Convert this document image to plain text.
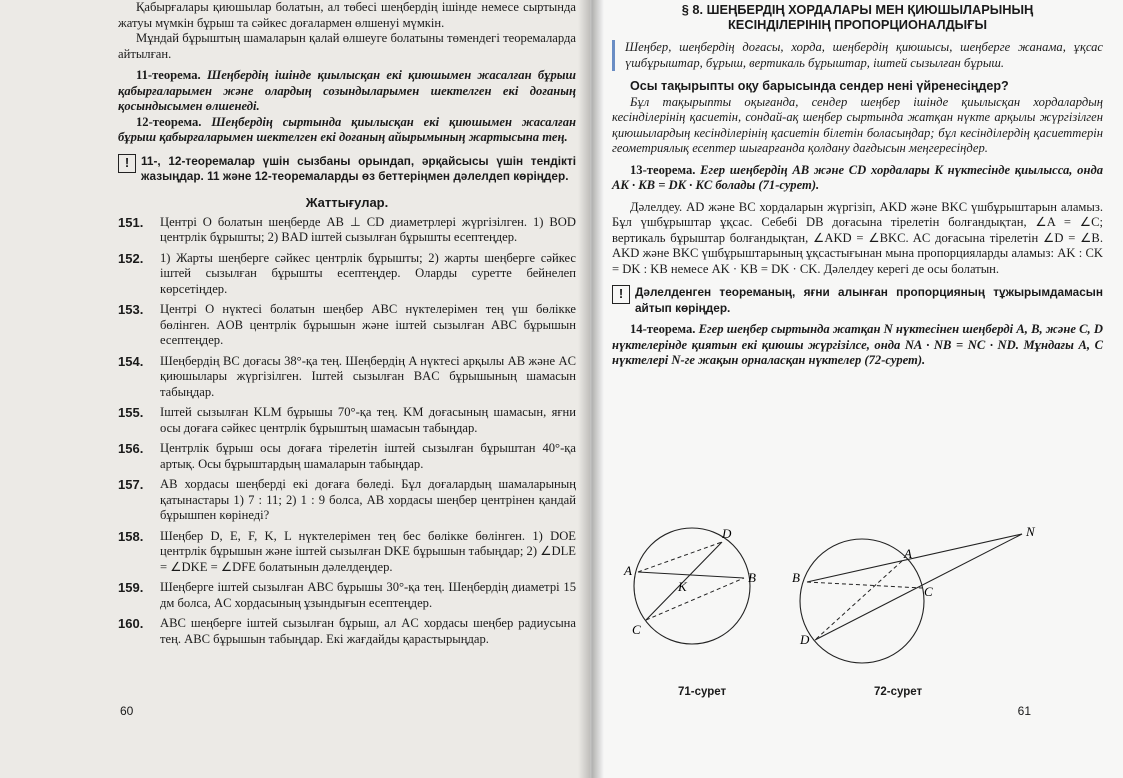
Қабырғалары қиюшылар болатын, ал төбесі шеңбердің ішінде немесе сыртында жатуы мүмкін бұрыш та сәйкес доғалармен өлшенуі мүмкін.

Мұндай бұрыштың шамаларын қалай өлшеуге болатыны төмендегі теоремаларда айтылған.

11-теорема. Шеңбердің ішінде қиылысқан екі қиюшымен жасалған бұрыш қабырғаларымен және олардың созындыларымен шектелген екі доғаның қосындысымен өлшенеді.

12-теорема. Шеңбердің сыртында қиылысқан екі қиюшымен жасалған бұрыш қабырғаларымен шектелген екі доғаның айырымының жартысына тең.

!	11-, 12-теоремалар үшін сызбаны орындап, әрқайсысы үшін тендікті жазыңдар. 11 және 12-теоремаларды өз беттеріңмен дәлелдеп көріңдер.

Жаттығулар.
151.	Центрі O болатын шеңберде AB ⊥ CD диаметрлері жүргізілген. 1) BOD центрлік бұрышты; 2) BAD іштей сызылған бұрышты есептеңдер.

152.	1) Жарты шеңберге сәйкес центрлік бұрышты; 2) жарты шеңберге сәйкес іштей сызылған бұрышты есептеңдер. Оларды суретте бейнелеп көрсетіңдер.

153.	Центрі O нүктесі болатын шеңбер ABC нүктелерімен тең үш бөлікке бөлінген. AOB центрлік бұрышын және іштей сызылған ABC бұрышын есептеңдер.

154.	Шеңбердің BC доғасы 38°-қа тең. Шеңбердің A нүктесі арқылы AB және AC қиюшылары жүргізілген. Іштей сызылған BAC бұрышының шамасын табыңдар.

155.	Іштей сызылған KLM бұрышы 70°-қа тең. KM доғасының шамасын, яғни осы доғаға сәйкес центрлік бұрыштың шамасын табыңдар.

156.	Центрлік бұрыш осы доғаға тірелетін іштей сызылған бұрыштан 40°-қа артық. Осы бұрыштардың шамаларын табыңдар.

157.	AB хордасы шеңберді екі доғаға бөледі. Бұл доғалардың шамаларының қатынастары 1) 7 : 11; 2) 1 : 9 болса, AB хордасы шеңбер центрінен қандай бұрышпен көрінеді?

158.	Шеңбер D, E, F, K, L нүктелерімен тең бес бөлікке бөлінген. 1) DOE центрлік бұрышын және іштей сызылған DKE бұрышын табыңдар; 2) ∠DLE = ∠DKE = ∠DFE болатынын дәлелдеңдер.

159.	Шеңберге іштей сызылған ABC бұрышы 30°-қа тең. Шеңбердің диаметрі 15 дм болса, AC хордасының ұзындығын есептеңдер.

160.	ABC шеңберге іштей сызылған бұрыш, ал AC хордасы шеңбер радиусына тең. ABC бұрышын табыңдар. Екі жағдайды қарастырыңдар.

60
§ 8. ШЕҢБЕРДІҢ ХОРДАЛАРЫ МЕН ҚИЮШЫЛАРЫНЫҢ
КЕСІНДІЛЕРІНІҢ ПРОПОРЦИОНАЛДЫҒЫ

Шеңбер, шеңбердің доғасы, хорда, шеңбердің қиюшысы, шеңберге жанама, ұқсас үшбұрыштар, бұрыш, вертикаль бұрыштар, іштей сызылған бұрыш.

Осы тақырыпты оқу барысында сендер нені үйренесіңдер?

Бұл тақырыпты оқығанда, сендер шеңбер ішінде қиылысқан хордалардың кесінділерінің қасиетін, сондай-ақ шеңбер сыртында жатқан нүкте арқылы жүргізілген қиюшылардың кесінділерінің қасиетін білетін боласыңдар; бұл кесінділердің қасиеттерін геометриялық есептер шығарғанда қолдану дағдысын меңгересіңдер.

13-теорема. Егер шеңбердің AB және CD хордалары K нүктесінде қиылысса, онда AK · KB = DK · KC болады (71-сурет).

Дәлелдеу. AD және BC хордаларын жүргізіп, AKD және BKC үшбұрыштарын аламыз. Бұл үшбұрыштар ұқсас. Себебі DB доғасына тірелетін болғандықтан, ∠A = ∠C; вертикаль бұрыштар болғандықтан, ∠AKD = ∠BKC. AC доғасына тірелетін ∠D = ∠B. AKD және BKC үшбұрыштарының ұқсастығынан мына пропорцияларды аламыз: AK : CK = DK : KB немесе AK · KB = DK · CK. Дәлелдеу керегі де осы болатын.

!	Дәлелденген теореманың, яғни алынған пропорцияның тұжырымдамасын айтып көріңдер.

14-теорема. Егер шеңбер сыртында жатқан N нүктесінен шеңберді A, B, және C, D нүктелерінде қиятын екі қиюшы жүргізілсе, онда NA · NB = NC · ND. Мұндағы A, C нүктелері N-ге жақын орналасқан нүктелер (72-сурет).

A	B
C
D
K
N
A
B
C
D
71-сурет	72-сурет
61
